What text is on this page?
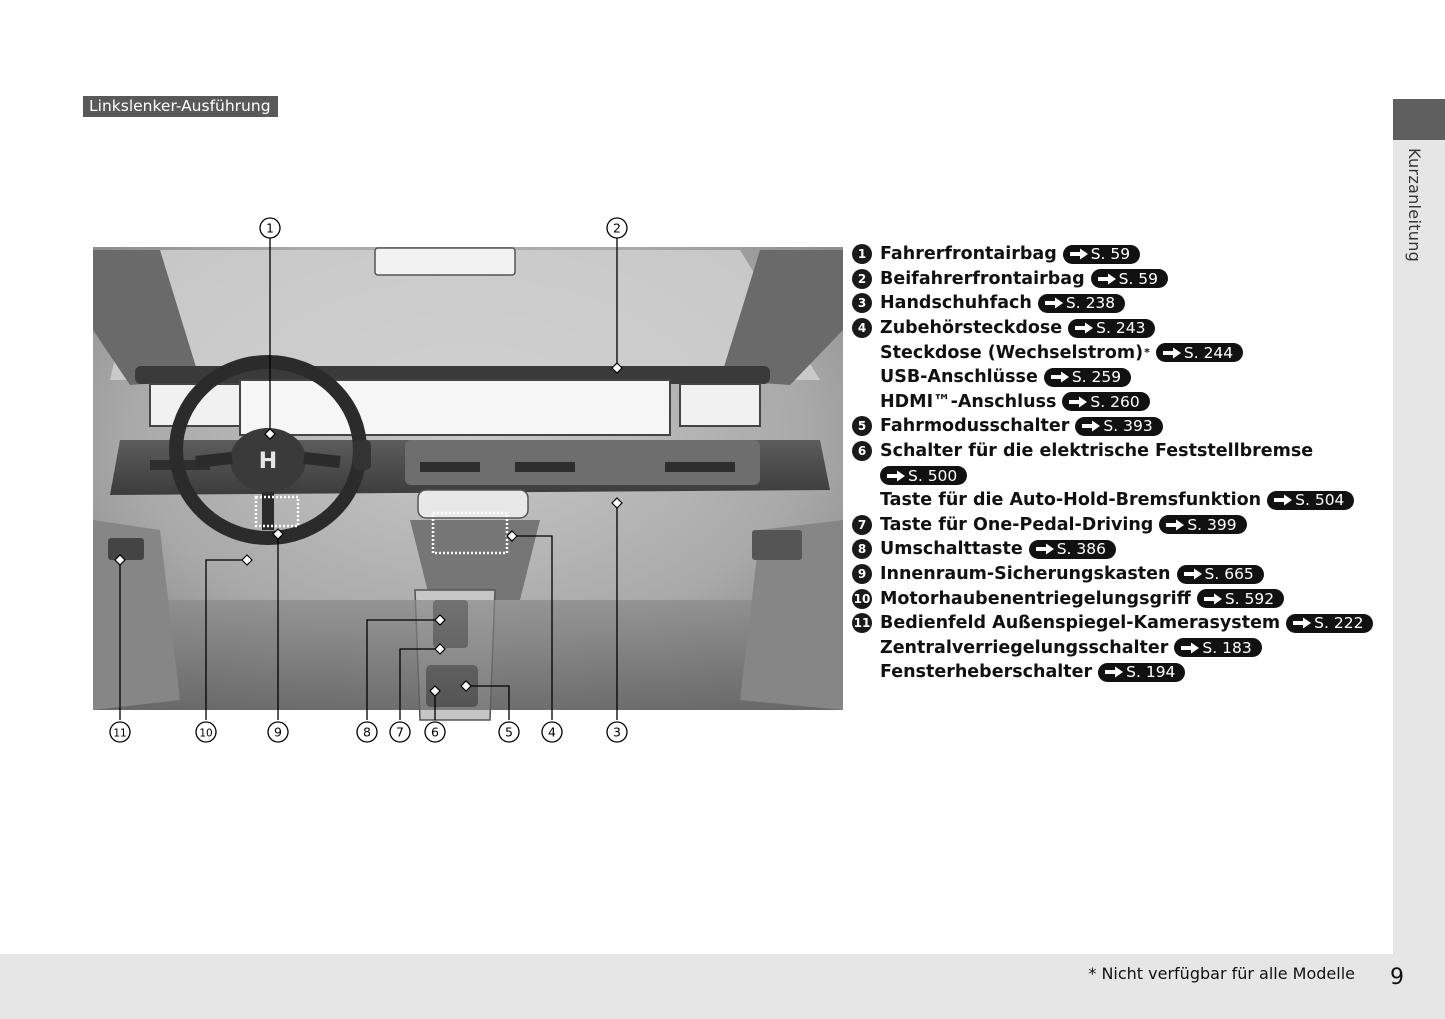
Linkslenker-Ausführung
Kurzanleitung
* Nicht verfügbar für alle Modelle 9
H
1	2
3
4
5
6
7
8
9
10
11
1 Fahrerfrontairbag S. 59
2 Beifahrerfrontairbag S. 59
3 Handschuhfach S. 238
4 Zubehörsteckdose S. 243
Steckdose (Wechselstrom) * S. 244
USB-Anschlüsse S. 259
HDMI™-Anschluss S. 260
5 Fahrmodusschalter S. 393
6 Schalter für die elektrische Feststellbremse
S. 500
Taste für die Auto-Hold-Bremsfunktion S. 504
7 Taste für One-Pedal-Driving S. 399
8 Umschalttaste S. 386
9 Innenraum-Sicherungskasten S. 665
10 Motorhaubenentriegelungsgriff S. 592
11 Bedienfeld Außenspiegel-Kamerasystem S. 222
Zentralverriegelungsschalter S. 183
Fensterheberschalter S. 194
